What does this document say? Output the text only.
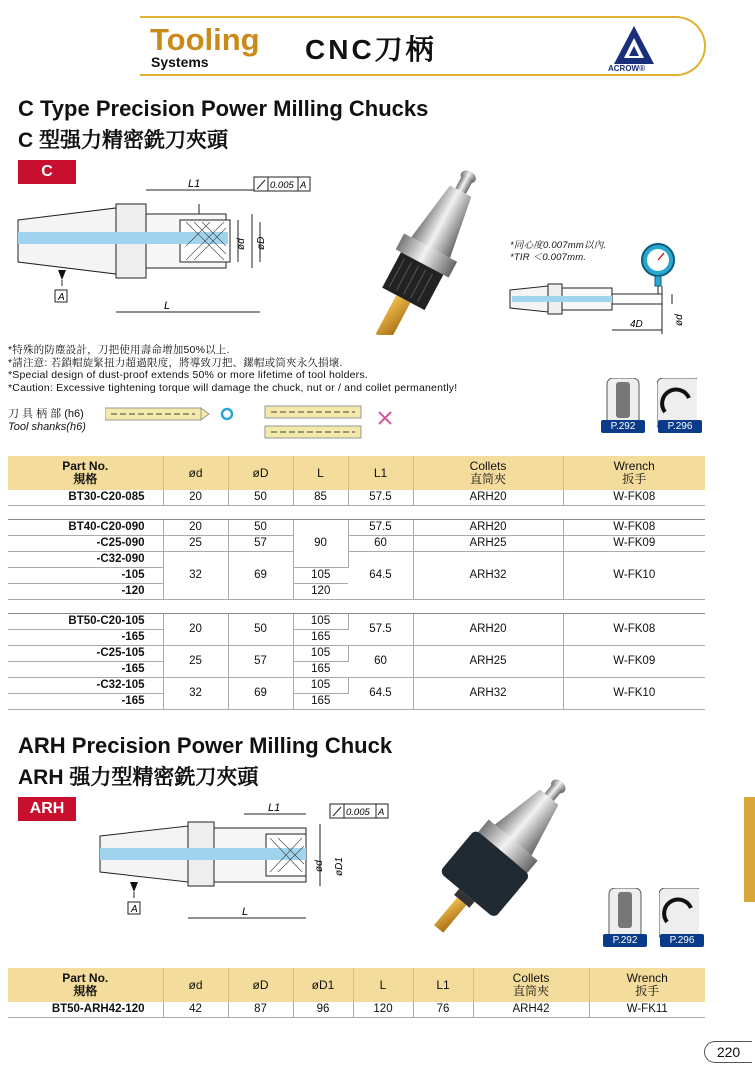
Tooling
Systems	CNC刀柄
ACROW®
C Type Precision Power Milling Chucks
C 型强力精密銑刀夾頭
C
A
L
L1
ød øD
0.005 A
*同心度0.007mm以內.
*TIR ＜0.007mm.
4D	ød
*特殊的防塵設計，刀把使用壽命增加50%以上.
*請注意: 若鎖帽旋緊扭力超過限度，將導致刀把、鏍帽或筒夾永久損壞.
*Special design of dust-proof extends 50% or more lifetime of tool holders.
*Caution: Excessive tightening torque will damage the chuck, nut or / and collet permanently!
刀 具 柄 部 (h6)
Tool shanks(h6)	P.292	P.296
Part No.
規格	ød	øD	L	L1	Collets
直筒夾	Wrench
扳手
BT30-C20-085	20	50	85	57.5	ARH20	W-FK08

BT40-C20-090	20	50	90	57.5	ARH20	W-FK08
-C25-090	25	57		60	ARH25	W-FK09
-C32-090	32	69		64.5	ARH32	W-FK10
-105			105			
-120			120			

BT50-C20-105	20	50	105	57.5	ARH20	W-FK08
-165			165			
-C25-105	25	57	105	60	ARH25	W-FK09
-165			165			
-C32-105	32	69	105	64.5	ARH32	W-FK10
-165			165			
ARH Precision Power Milling Chuck
ARH 强力型精密銑刀夾頭
ARH
A	L
L1
ød øD1
0.005 A
P.292	P.296
Part No.
規格	ød	øD	øD1	L	L1	Collets
直筒夾	Wrench
扳手
BT50-ARH42-120	42	87	96	120	76	ARH42	W-FK11
220
